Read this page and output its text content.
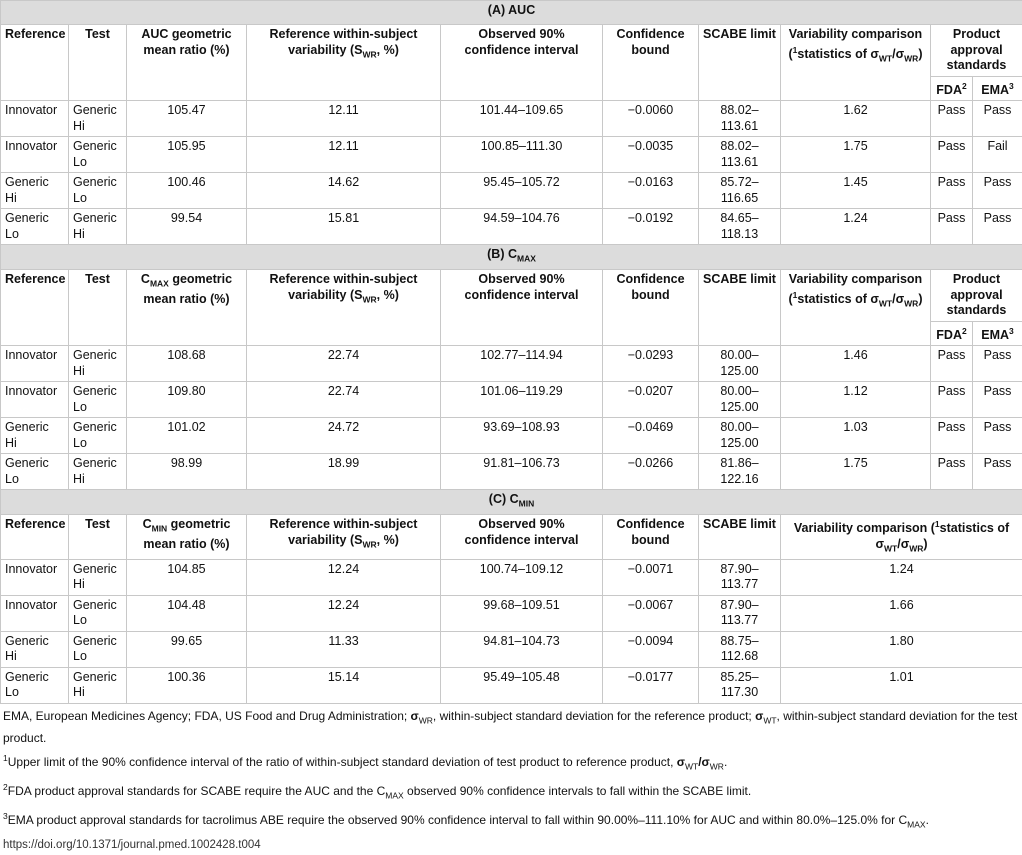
(A) AUC									
Reference	Test	AUC geometric mean ratio (%)	Reference within-subject variability ($S_{WR}$, %)	Observed 90% confidence interval	Confidence bound	SCABE limit	Variability comparison ($^1$statistics of $\sigma_{WT}/\sigma_{WR}$)	Product approval standards	
								FDA$^2$	EMA$^3$
Innovator	Generic Hi	105.47	12.11	101.44–109.65	−0.0060	88.02–113.61	1.62	Pass	Pass
Innovator	Generic Lo	105.95	12.11	100.85–111.30	−0.0035	88.02–113.61	1.75	Pass	Fail
Generic Hi	Generic Lo	100.46	14.62	95.45–105.72	−0.0163	85.72–116.65	1.45	Pass	Pass
Generic Lo	Generic Hi	99.54	15.81	94.59–104.76	−0.0192	84.65–118.13	1.24	Pass	Pass
(B) $C_{MAX}$
Reference	Test	$C_{MAX}$ geometric mean ratio (%)	Reference within-subject variability ($S_{WR}$, %)	Observed 90% confidence interval	Confidence bound	SCABE limit	Variability comparison ($^1$statistics of $\sigma_{WT}/\sigma_{WR}$)	Product approval standards	
								FDA$^2$	EMA$^3$
Innovator	Generic Hi	108.68	22.74	102.77–114.94	−0.0293	80.00–125.00	1.46	Pass	Pass
Innovator	Generic Lo	109.80	22.74	101.06–119.29	−0.0207	80.00–125.00	1.12	Pass	Pass
Generic Hi	Generic Lo	101.02	24.72	93.69–108.93	−0.0469	80.00–125.00	1.03	Pass	Pass
Generic Lo	Generic Hi	98.99	18.99	91.81–106.73	−0.0266	81.86–122.16	1.75	Pass	Pass
(C) $C_{MIN}$
Reference	Test	$C_{MIN}$ geometric mean ratio (%)	Reference within-subject variability ($S_{WR}$, %)	Observed 90% confidence interval	Confidence bound	SCABE limit	Variability comparison ($^1$statistics of $\sigma_{WT}/\sigma_{WR}$)		
Innovator	Generic Hi	104.85	12.24	100.74–109.12	−0.0071	87.90–113.77	1.24		
Innovator	Generic Lo	104.48	12.24	99.68–109.51	−0.0067	87.90–113.77	1.66		
Generic Hi	Generic Lo	99.65	11.33	94.81–104.73	−0.0094	88.75–112.68	1.80		
Generic Lo	Generic Hi	100.36	15.14	95.49–105.48	−0.0177	85.25–117.30	1.01		

EMA, European Medicines Agency; FDA, US Food and Drug Administration; $\sigma_{WR}$, within-subject standard deviation for the reference product; $\sigma_{WT}$, within-subject standard deviation for the test product.

$^1$Upper limit of the 90% confidence interval of the ratio of within-subject standard deviation of test product to reference product, $\sigma_{WT}/\sigma_{WR}$.

$^2$FDA product approval standards for SCABE require the AUC and the $C_{MAX}$ observed 90% confidence intervals to fall within the SCABE limit.

$^3$EMA product approval standards for tacrolimus ABE require the observed 90% confidence interval to fall within 90.00%–111.10% for AUC and within 80.0%–125.0% for $C_{MAX}$.

https://doi.org/10.1371/journal.pmed.1002428.t004
